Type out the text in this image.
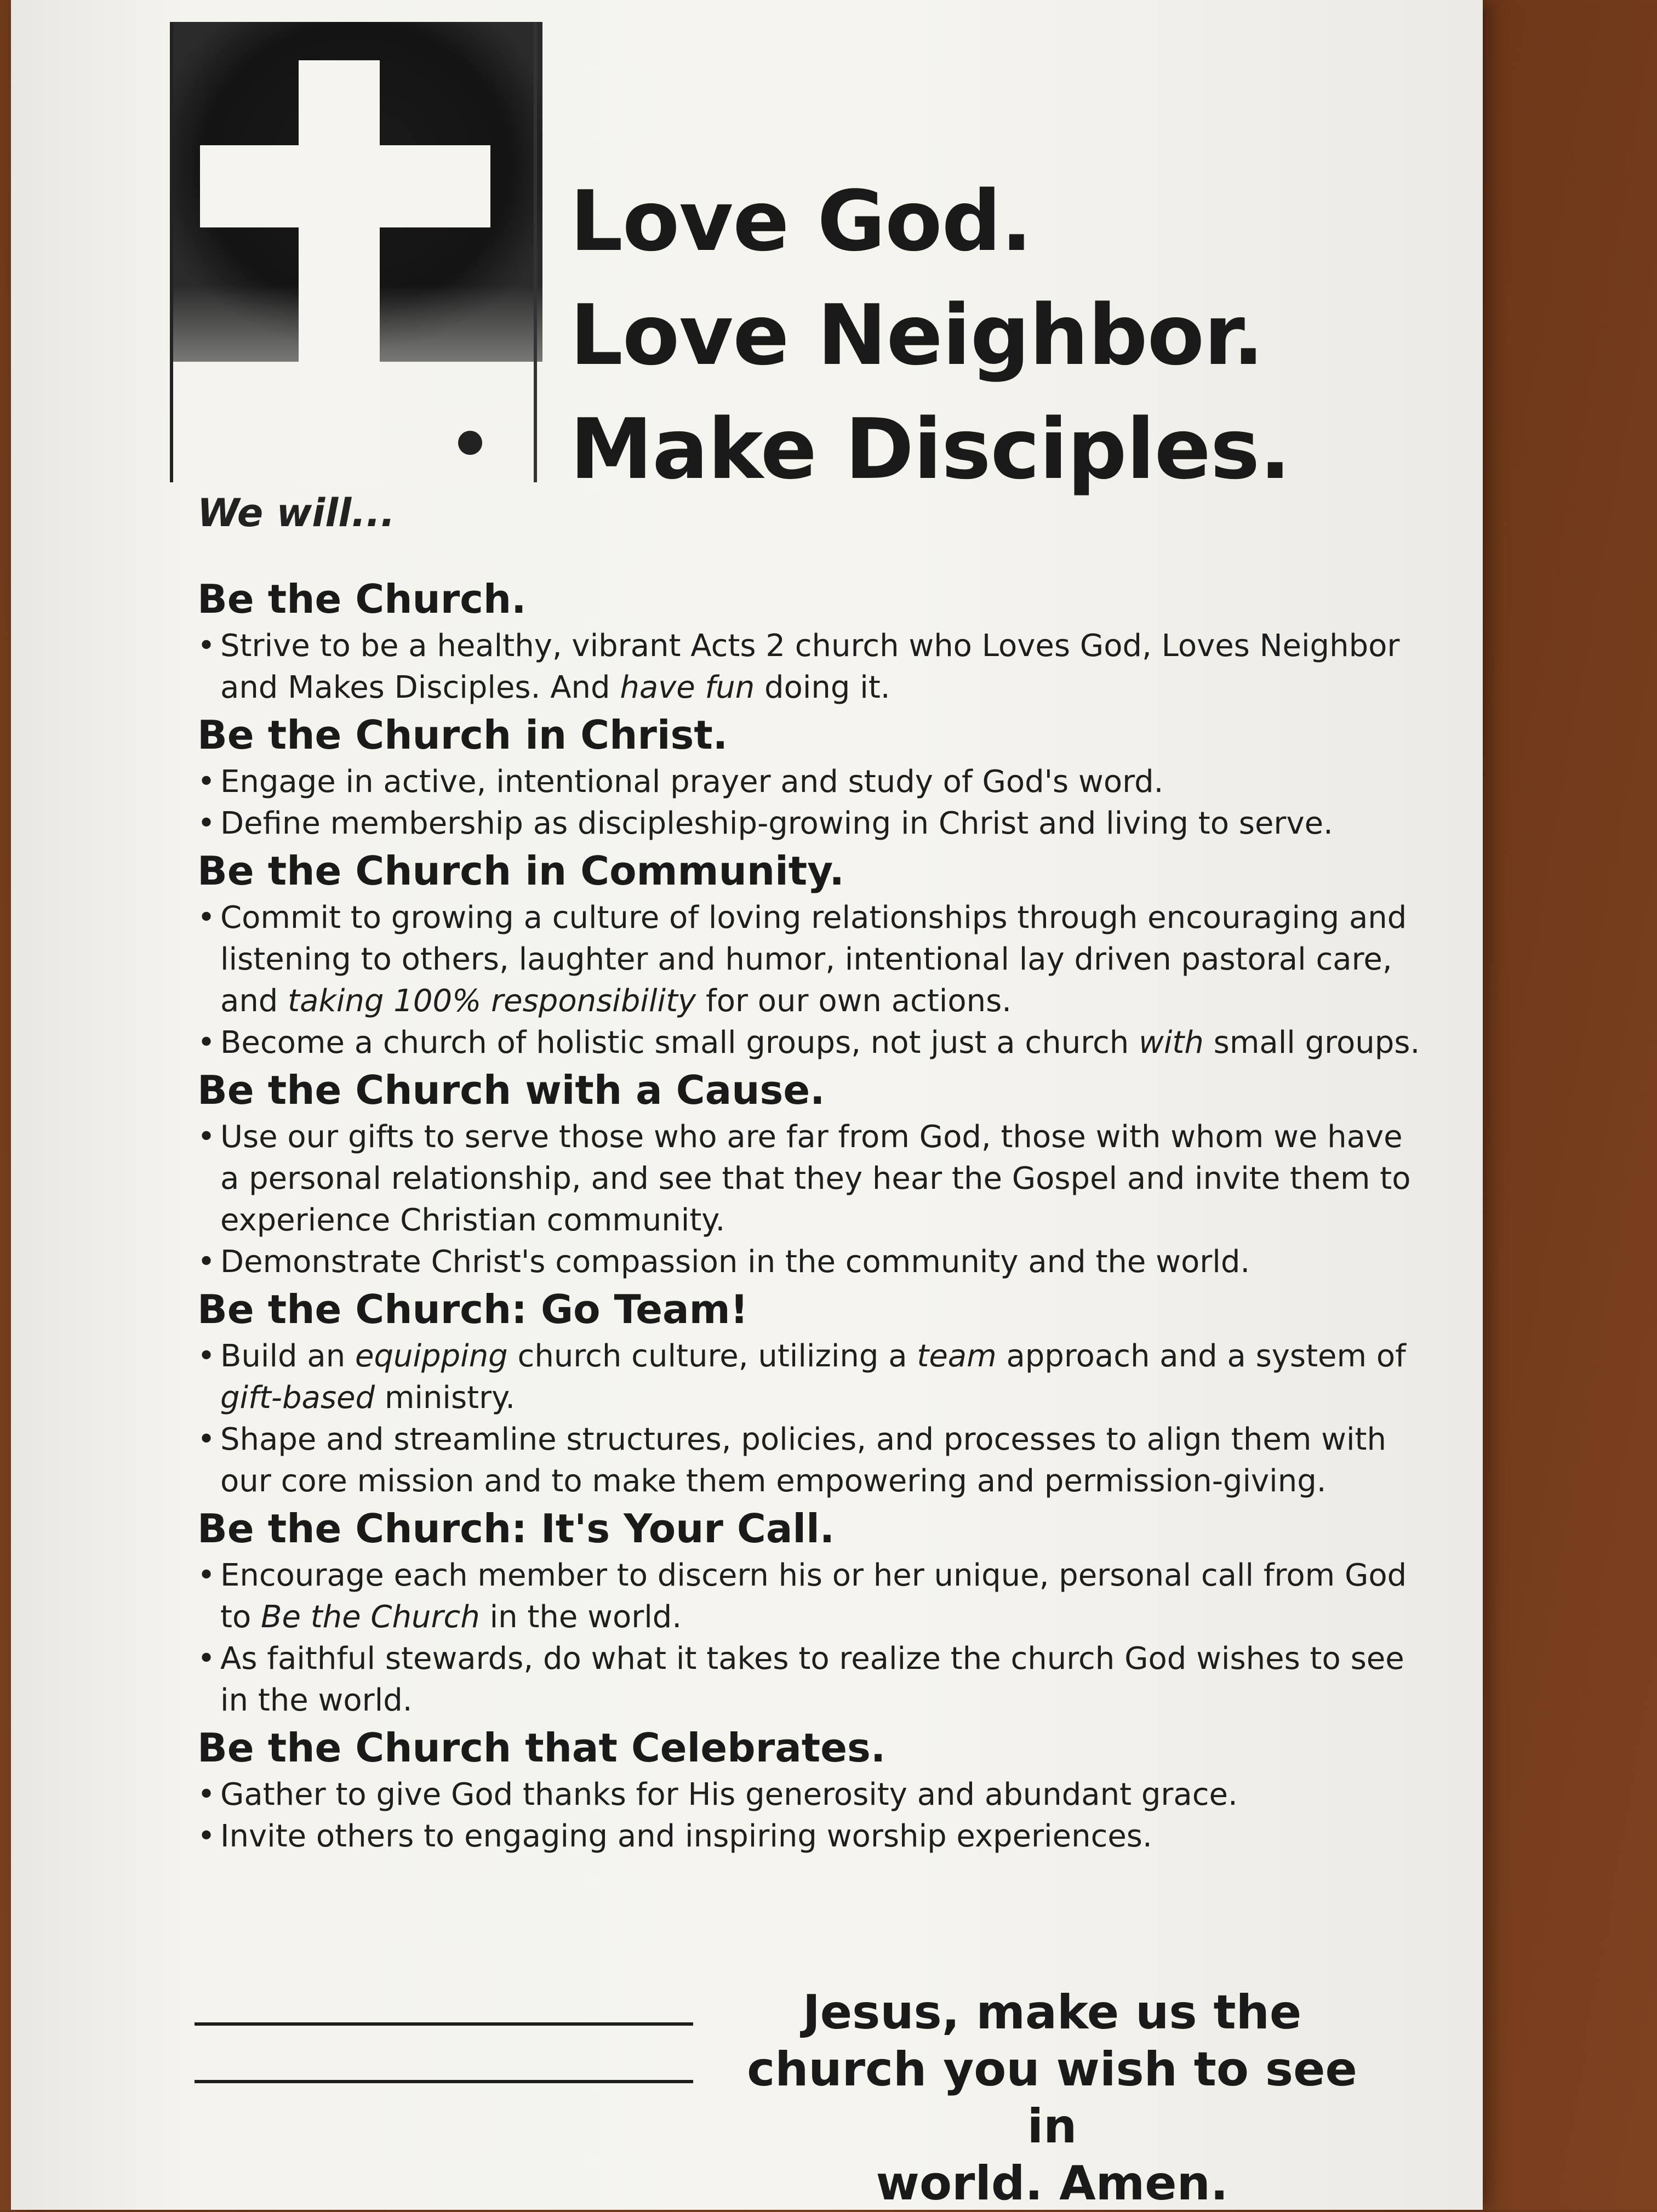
Love God.
Love Neighbor.
Make Disciples.
We will...
Be the Church.
• Strive to be a healthy, vibrant Acts 2 church who Loves God, Loves Neighbor and Makes Disciples. And have fun doing it.
Be the Church in Christ.
• Engage in active, intentional prayer and study of God's word.
• Define membership as discipleship-growing in Christ and living to serve.
Be the Church in Community.
• Commit to growing a culture of loving relationships through encouraging and listening to others, laughter and humor, intentional lay driven pastoral care, and taking 100% responsibility for our own actions.
• Become a church of holistic small groups, not just a church with small groups.
Be the Church with a Cause.
• Use our gifts to serve those who are far from God, those with whom we have a personal relationship, and see that they hear the Gospel and invite them to experience Christian community.
• Demonstrate Christ's compassion in the community and the world.
Be the Church: Go Team!
• Build an equipping church culture, utilizing a team approach and a system of gift-based ministry.
• Shape and streamline structures, policies, and processes to align them with our core mission and to make them empowering and permission-giving.
Be the Church: It's Your Call.
• Encourage each member to discern his or her unique, personal call from God to Be the Church in the world.
• As faithful stewards, do what it takes to realize the church God wishes to see in the world.
Be the Church that Celebrates.
• Gather to give God thanks for His generosity and abundant grace.
• Invite others to engaging and inspiring worship experiences.
Jesus, make us the
church you wish to see in
world. Amen.
